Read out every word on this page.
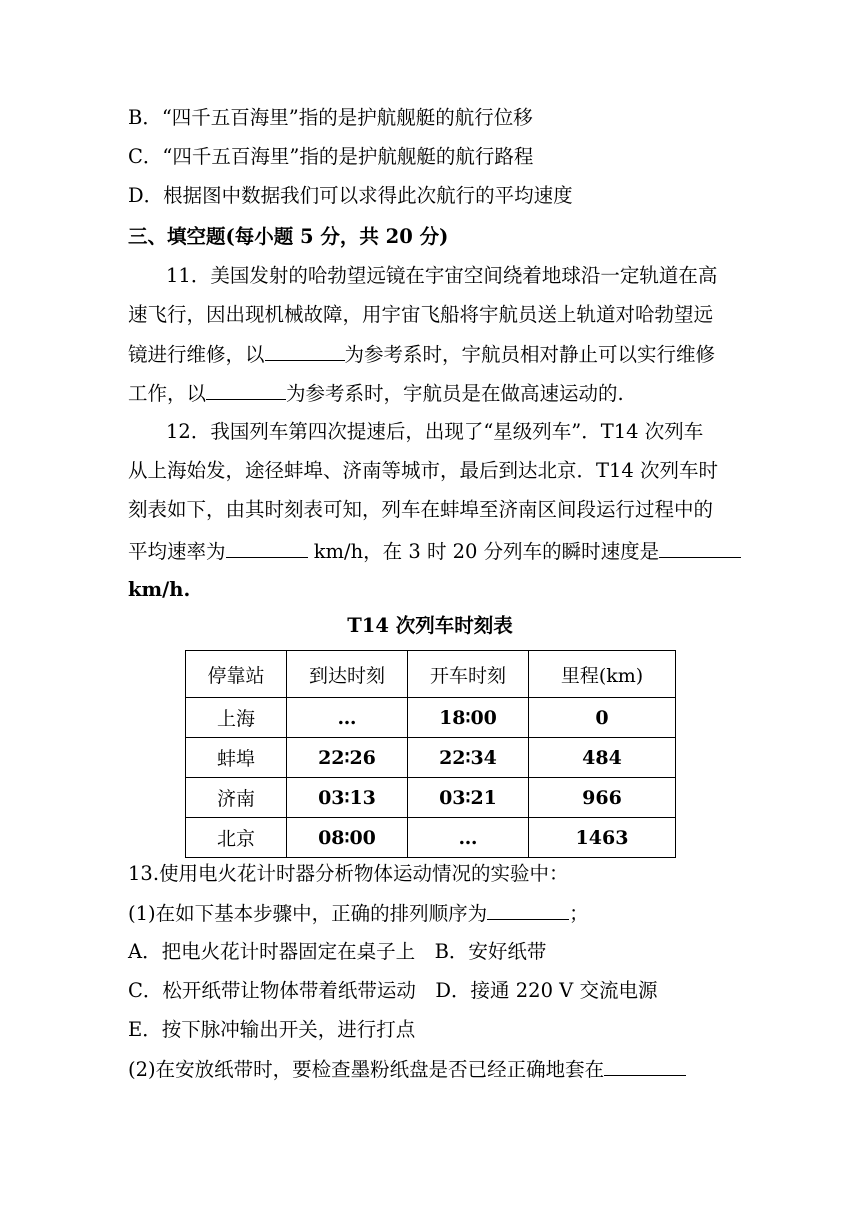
B．“四千五百海里”指的是护航舰艇的航行位移
C．“四千五百海里”指的是护航舰艇的航行路程
D．根据图中数据我们可以求得此次航行的平均速度
三、填空题(每小题 5 分，共 20 分)
11．美国发射的哈勃望远镜在宇宙空间绕着地球沿一定轨道在高
速飞行，因出现机械故障，用宇宙飞船将宇航员送上轨道对哈勃望远
镜进行维修，以	为参考系时，宇航员相对静止可以实行维修
工作，以	为参考系时，宇航员是在做高速运动的.
12．我国列车第四次提速后，出现了“星级列车”．T14 次列车
从上海始发，途径蚌埠、济南等城市，最后到达北京．T14 次列车时
刻表如下，由其时刻表可知，列车在蚌埠至济南区间段运行过程中的
平均速率为	km/h，在 3 时 20 分列车的瞬时速度是
km/h.
T14 次列车时刻表
停靠站	到达时刻	开车时刻	里程(km)
上海	…	18∶00	0
蚌埠	22∶26	22∶34	484
济南	03∶13	03∶21	966
北京	08∶00	…	1463
13.使用电火花计时器分析物体运动情况的实验中：
(1)在如下基本步骤中，正确的排列顺序为	；
A．把电火花计时器固定在桌子上　B．安好纸带
C．松开纸带让物体带着纸带运动　D．接通 220 V 交流电源
E．按下脉冲输出开关，进行打点
(2)在安放纸带时，要检查墨粉纸盘是否已经正确地套在
